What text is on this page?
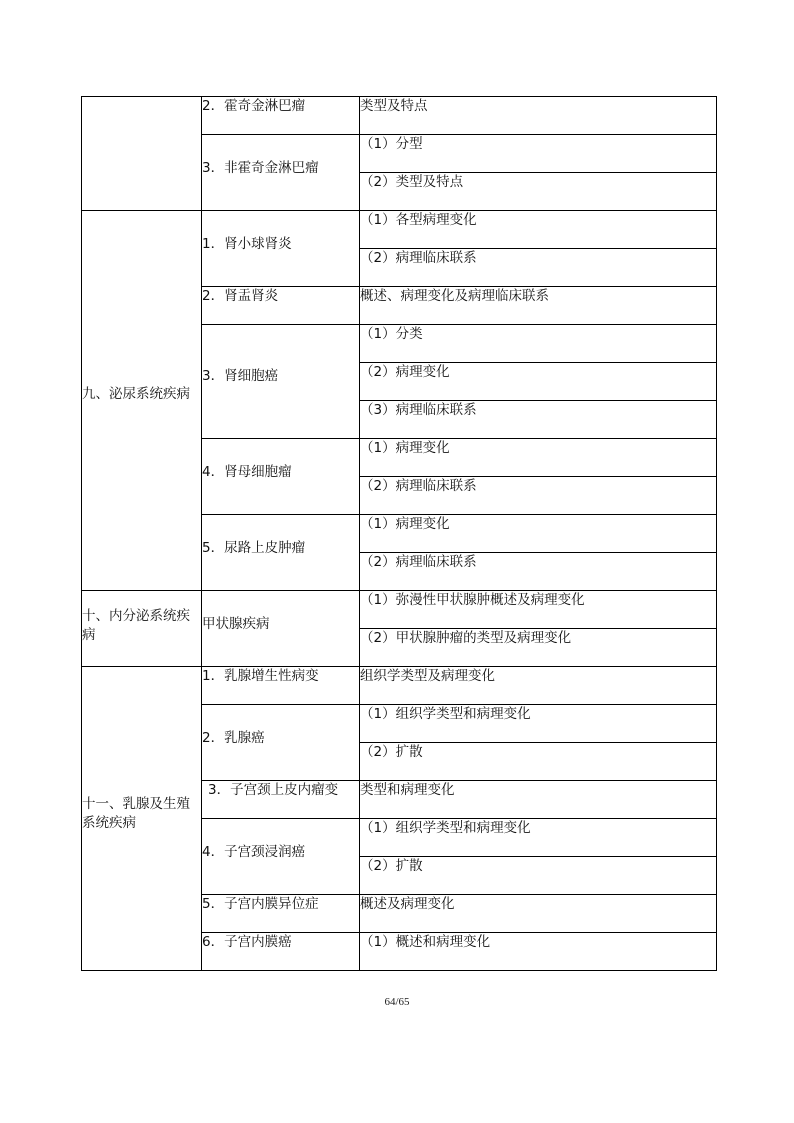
	2．霍奇金淋巴瘤	类型及特点
	3．非霍奇金淋巴瘤	（1）分型
		（2）类型及特点
九、泌尿系统疾病	1．肾小球肾炎	（1）各型病理变化
		（2）病理临床联系
	2．肾盂肾炎	概述、病理变化及病理临床联系
	3．肾细胞癌	（1）分类
		（2）病理变化
		（3）病理临床联系
	4．肾母细胞瘤	（1）病理变化
		（2）病理临床联系
	5．尿路上皮肿瘤	（1）病理变化
		（2）病理临床联系
十、内分泌系统疾病	甲状腺疾病	（1）弥漫性甲状腺肿概述及病理变化
		（2）甲状腺肿瘤的类型及病理变化
十一、乳腺及生殖系统疾病	1．乳腺增生性病变	组织学类型及病理变化
	2．乳腺癌	（1）组织学类型和病理变化
		（2）扩散
	3．子宫颈上皮内瘤变	类型和病理变化
	4．子宫颈浸润癌	（1）组织学类型和病理变化
		（2）扩散
	5．子宫内膜异位症	概述及病理变化
	6．子宫内膜癌	（1）概述和病理变化
64/65
